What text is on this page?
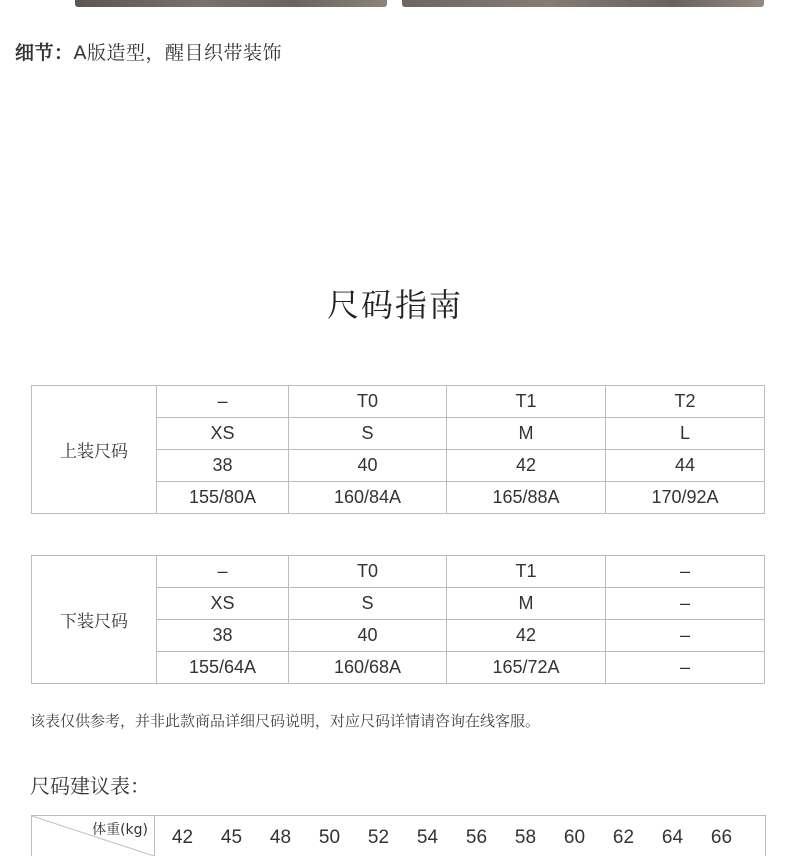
细节：A版造型，醒目织带装饰
尺码指南
上装尺码	–	T0	T1	T2
	XS	S	M	L
	38	40	42	44
	155/80A	160/84A	165/88A	170/92A
下装尺码	–	T0	T1	–
	XS	S	M	–
	38	40	42	–
	155/64A	160/68A	165/72A	–
该表仅供参考，并非此款商品详细尺码说明，对应尺码详情请咨询在线客服。
尺码建议表：
体重(kg)	42	45	48	50	52	54	56	58	60	62	64	66
